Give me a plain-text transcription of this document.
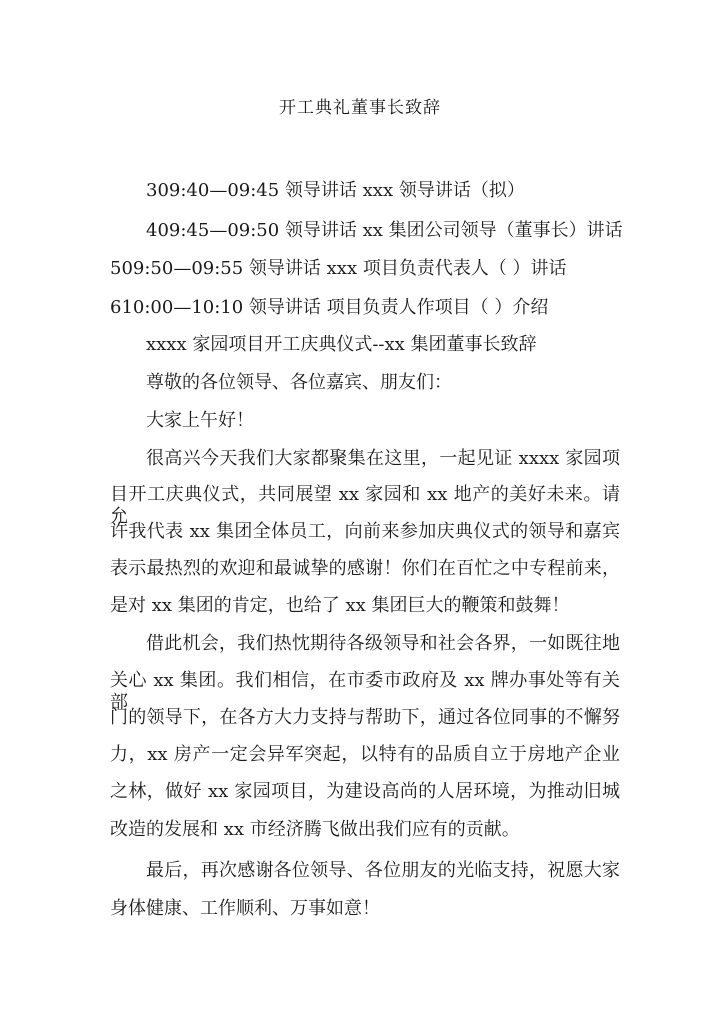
开工典礼董事长致辞
309:40—09:45 领导讲话 xxx 领导讲话（拟）
409:45—09:50 领导讲话 xx 集团公司领导（董事长）讲话
509:50—09:55 领导讲话 xxx 项目负责代表人（ ）讲话
610:00—10:10 领导讲话 项目负责人作项目（ ）介绍
xxxx 家园项目开工庆典仪式--xx 集团董事长致辞
尊敬的各位领导、各位嘉宾、朋友们：
大家上午好！
很高兴今天我们大家都聚集在这里，一起见证 xxxx 家园项
目开工庆典仪式，共同展望 xx 家园和 xx 地产的美好未来。请允
许我代表 xx 集团全体员工，向前来参加庆典仪式的领导和嘉宾
表示最热烈的欢迎和最诚挚的感谢！你们在百忙之中专程前来，
是对 xx 集团的肯定，也给了 xx 集团巨大的鞭策和鼓舞！
借此机会，我们热忱期待各级领导和社会各界，一如既往地
关心 xx 集团。我们相信，在市委市政府及 xx 牌办事处等有关部
门的领导下，在各方大力支持与帮助下，通过各位同事的不懈努
力，xx 房产一定会异军突起，以特有的品质自立于房地产企业
之林，做好 xx 家园项目，为建设高尚的人居环境，为推动旧城
改造的发展和 xx 市经济腾飞做出我们应有的贡献。
最后，再次感谢各位领导、各位朋友的光临支持，祝愿大家
身体健康、工作顺利、万事如意！
